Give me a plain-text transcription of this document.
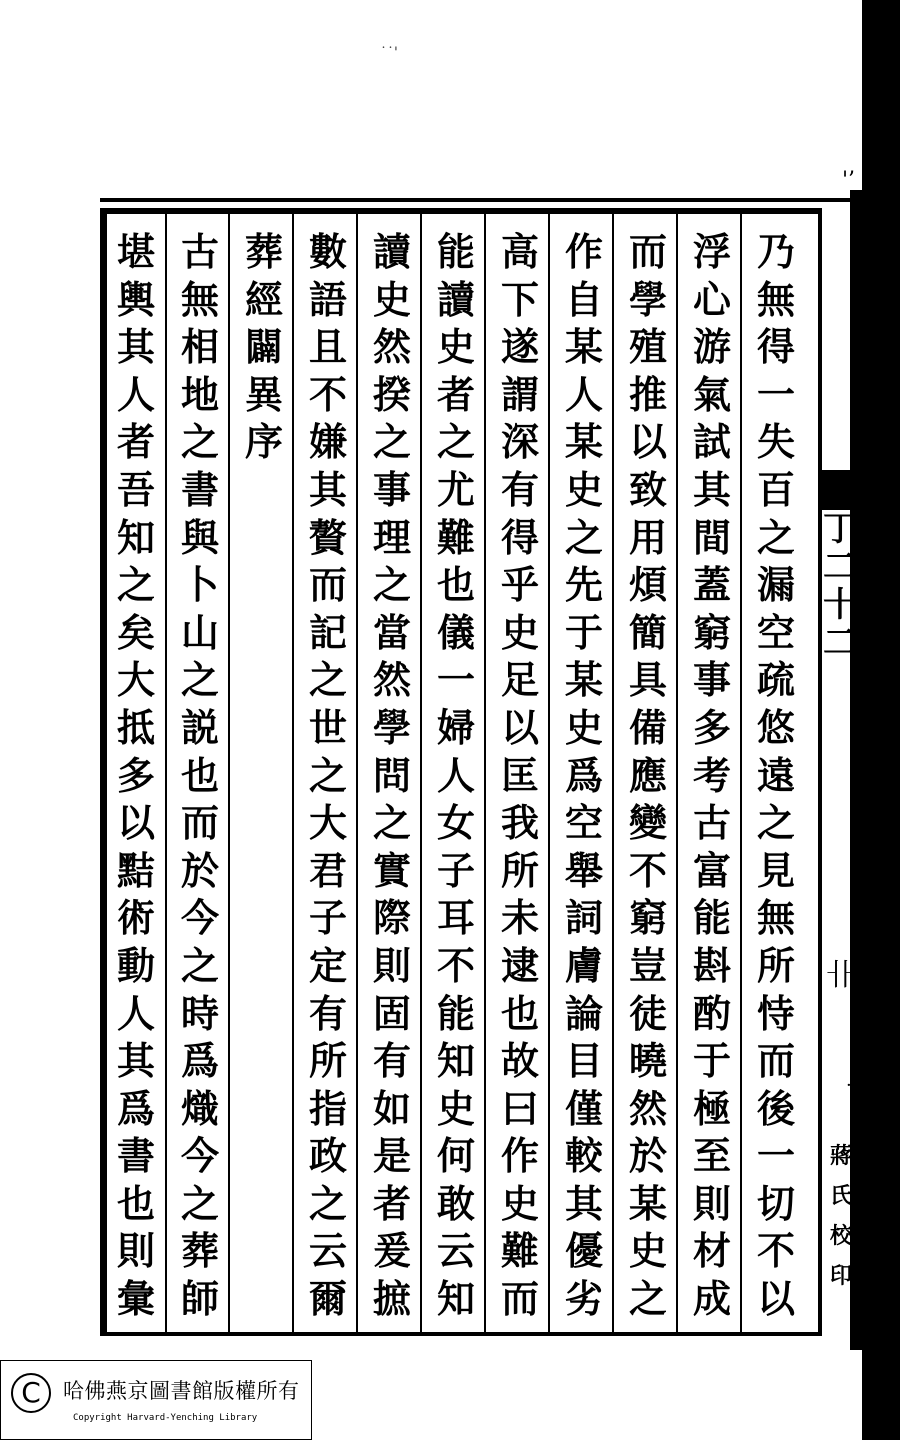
˙˙'
'’
乃
無
得
一
失
百
之
漏
空
疏
悠
遠
之
見
無
所
恃
而
後
一
切
不
以
浮
心
游
氣
試
其
間
蓋
窮
事
多
考
古
富
能
斟
酌
于
極
至
則
材
成
而
學
殖
推
以
致
用
煩
簡
具
備
應
變
不
窮
豈
徒
曉
然
於
某
史
之
作
自
某
人
某
史
之
先
于
某
史
爲
空
舉
詞
膚
論
目
僅
較
其
優
劣
高
下
遂
謂
深
有
得
乎
史
足
以
匡
我
所
未
逮
也
故
曰
作
史
難
而
能
讀
史
者
之
尤
難
也
儀
一
婦
人
女
子
耳
不
能
知
史
何
敢
云
知
讀
史
然
揆
之
事
理
之
當
然
學
問
之
實
際
則
固
有
如
是
者
爰
摭
數
語
且
不
嫌
其
贅
而
記
之
世
之
大
君
子
定
有
所
指
政
之
云
爾
葬
經
闢
異
序
古
無
相
地
之
書
與
卜
山
之
説
也
而
於
今
之
時
爲
熾
今
之
葬
師
堪
輿
其
人
者
吾
知
之
矣
大
抵
多
以
黠
術
動
人
其
爲
書
也
則
彙
丁
二
十
二
卝
·
蔣
氏
校
印
C	哈佛燕京圖書館版權所有
Copyright Harvard-Yenching Library
